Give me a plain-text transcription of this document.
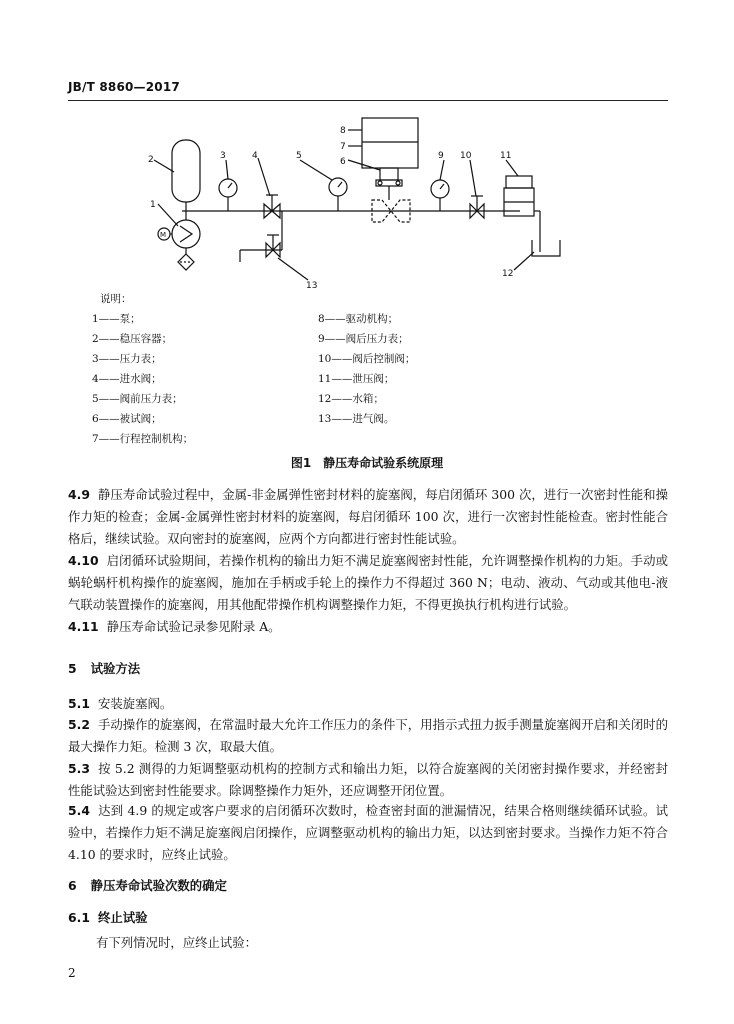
JB/T 8860—2017
2
1
M
3	4	5
6
7
8
9 10	11
12
13
说明：
1——泵；
2——稳压容器；
3——压力表；
4——进水阀；
5——阀前压力表；
6——被试阀；
7——行程控制机构；
8——驱动机构；
9——阀后压力表；
10——阀后控制阀；
11——泄压阀；
12——水箱；
13——进气阀。
图1　静压寿命试验系统原理
4.9 静压寿命试验过程中，金属-非金属弹性密封材料的旋塞阀，每启闭循环 300 次，进行一次密封性能和操作力矩的检查；金属-金属弹性密封材料的旋塞阀，每启闭循环 100 次，进行一次密封性能检查。密封性能合格后，继续试验。双向密封的旋塞阀，应两个方向都进行密封性能试验。
4.10 启闭循环试验期间，若操作机构的输出力矩不满足旋塞阀密封性能，允许调整操作机构的力矩。手动或蜗轮蜗杆机构操作的旋塞阀，施加在手柄或手轮上的操作力不得超过 360 N；电动、液动、气动或其他电-液气联动装置操作的旋塞阀，用其他配带操作机构调整操作力矩，不得更换执行机构进行试验。
4.11 静压寿命试验记录参见附录 A。
5 试验方法
5.1 安装旋塞阀。
5.2 手动操作的旋塞阀，在常温时最大允许工作压力的条件下，用指示式扭力扳手测量旋塞阀开启和关闭时的最大操作力矩。检测 3 次，取最大值。
5.3 按 5.2 测得的力矩调整驱动机构的控制方式和输出力矩，以符合旋塞阀的关闭密封操作要求，并经密封性能试验达到密封性能要求。除调整操作力矩外，还应调整开闭位置。
5.4 达到 4.9 的规定或客户要求的启闭循环次数时，检查密封面的泄漏情况，结果合格则继续循环试验。试验中，若操作力矩不满足旋塞阀启闭操作，应调整驱动机构的输出力矩，以达到密封要求。当操作力矩不符合 4.10 的要求时，应终止试验。
6 静压寿命试验次数的确定
6.1 终止试验
有下列情况时，应终止试验：
2
